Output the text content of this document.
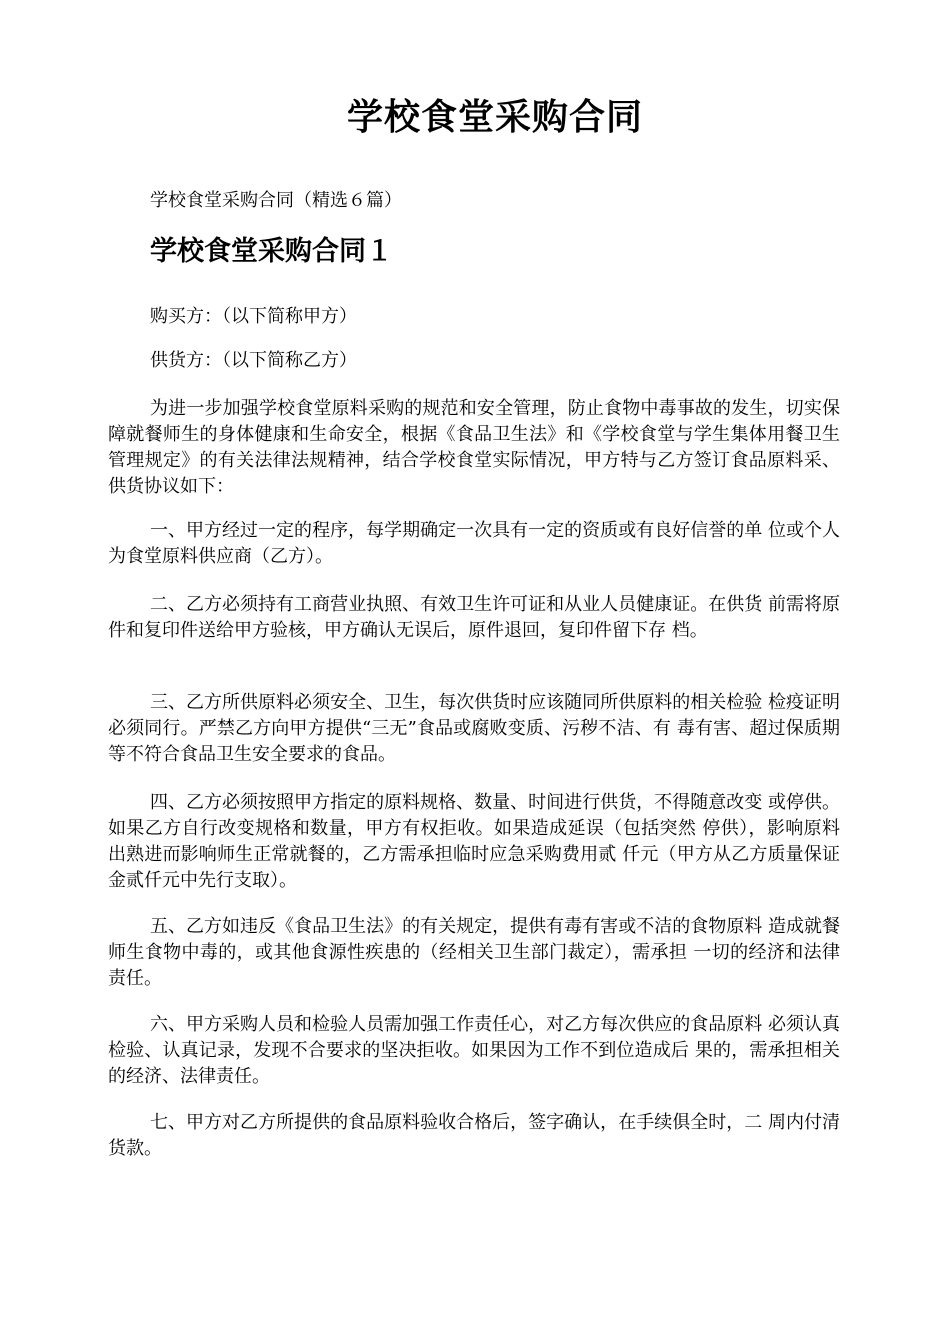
学校食堂采购合同

学校食堂采购合同（精选６篇）

学校食堂采购合同１

购买方：（以下简称甲方）

供货方：（以下简称乙方）

为进一步加强学校食堂原料采购的规范和安全管理，防止食物中毒事故的发生，切实保障就餐师生的身体健康和生命安全，根据《食品卫生法》和《学校食堂与学生集体用餐卫生管理规定》的有关法律法规精神，结合学校食堂实际情况，甲方特与乙方签订食品原料采、供货协议如下：

一、甲方经过一定的程序，每学期确定一次具有一定的资质或有良好信誉的单 位或个人为食堂原料供应商（乙方）。

二、乙方必须持有工商营业执照、有效卫生许可证和从业人员健康证。在供货 前需将原件和复印件送给甲方验核，甲方确认无误后，原件退回，复印件留下存 档。

三、乙方所供原料必须安全、卫生，每次供货时应该随同所供原料的相关检验 检疫证明必须同行。严禁乙方向甲方提供“三无”食品或腐败变质、污秽不洁、有 毒有害、超过保质期等不符合食品卫生安全要求的食品。

四、乙方必须按照甲方指定的原料规格、数量、时间进行供货，不得随意改变 或停供。如果乙方自行改变规格和数量，甲方有权拒收。如果造成延误（包括突然 停供），影响原料出熟进而影响师生正常就餐的，乙方需承担临时应急采购费用贰 仟元（甲方从乙方质量保证金贰仟元中先行支取）。

五、乙方如违反《食品卫生法》的有关规定，提供有毒有害或不洁的食物原料 造成就餐师生食物中毒的，或其他食源性疾患的（经相关卫生部门裁定），需承担 一切的经济和法律责任。

六、甲方采购人员和检验人员需加强工作责任心，对乙方每次供应的食品原料 必须认真检验、认真记录，发现不合要求的坚决拒收。如果因为工作不到位造成后 果的，需承担相关的经济、法律责任。

七、甲方对乙方所提供的食品原料验收合格后，签字确认，在手续俱全时，二 周内付清货款。
